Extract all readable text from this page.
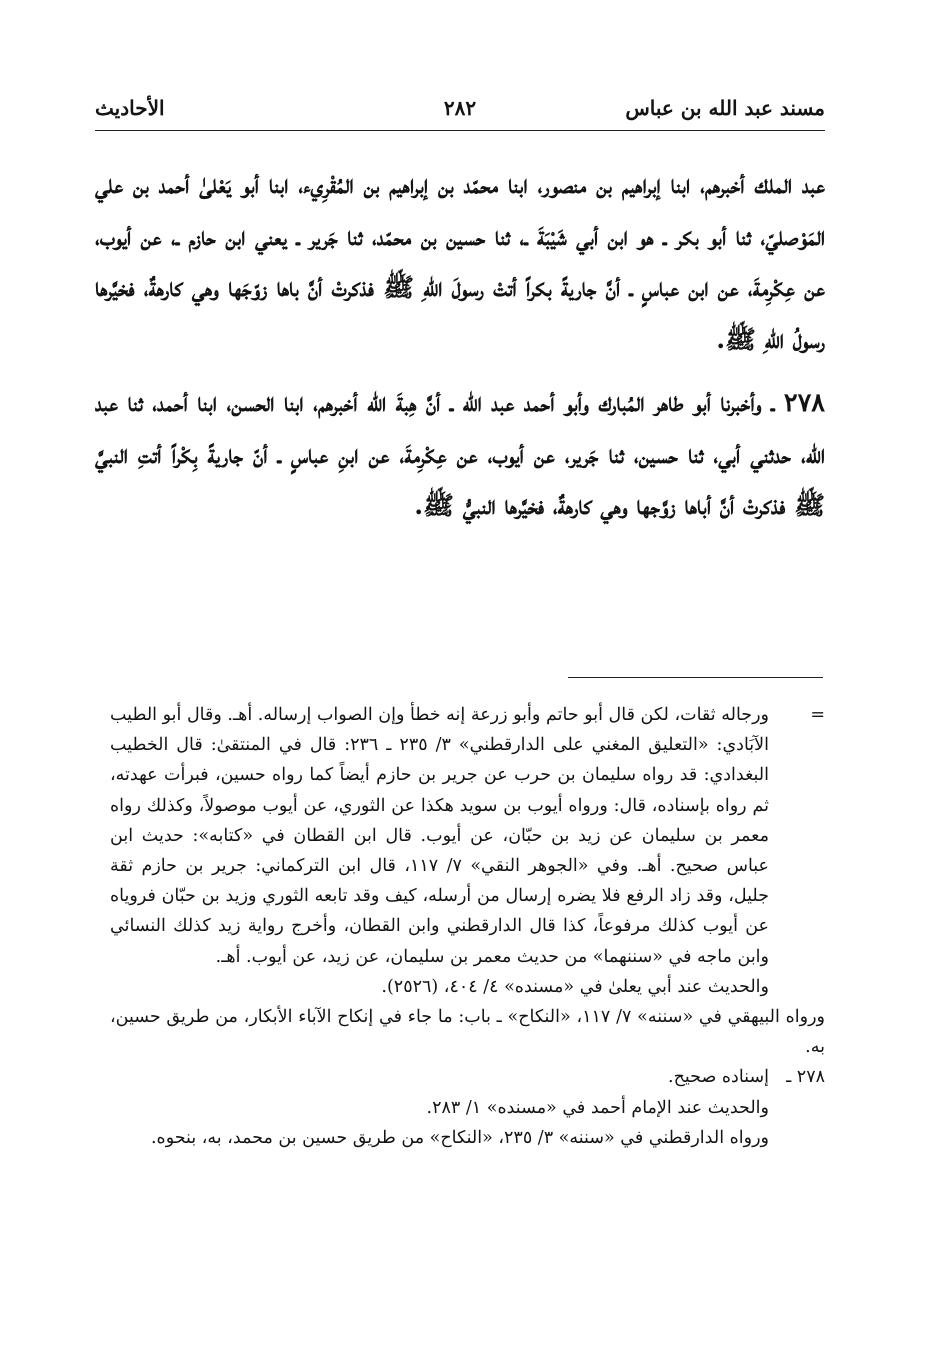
مسند عبد الله بن عباس
٢٨٢
الأحاديث

عبد الملك أخبرهم، ابنا إبراهيم بن منصور، ابنا محمّد بن إبراهيم بن المُقْرِيء، ابنا أبو يَعْلىٰ أحمد بن علي المَوْصليّ، ثنا أبو بكر ـ هو ابن أبي شَيْبَةَ ـ، ثنا حسين بن محمّد، ثنا جَرير ـ يعني ابن حازم ـ، عن أيوب، عن عِكْرِمةَ، عن ابن عباسٍ ـ أنَّ جاريةً بكراً أتتْ رسولَ اللّهِ ﷺ فذكرتْ أنَّ باها زوّجَها وهي كارهةٌ، فخيَّرها رسولُ اللّهِ ﷺ.

٢٧٨ ـ وأخبرنا أبو طاهر المُبارك وأبو أحمد عبد الله ـ أنَّ هِبةَ الله أخبرهم، ابنا الحسن، ابنا أحمد، ثنا عبد الله، حدثني أبي، ثنا حسين، ثنا جَرير، عن أيوب، عن عِكْرِمةَ، عن ابنِ عباسٍ ـ أنّ جاريةً بِكْراً أتتِ النبيَّ ﷺ فذكرتْ أنَّ أباها زوَّجها وهي كارهةٌ، فخيَّرها النبيُّ ﷺ.

=
ورجاله ثقات، لكن قال أبو حاتم وأبو زرعة إنه خطأ وإن الصواب إرساله. أهـ. وقال أبو الطيب الآبَادي: «التعليق المغني على الدارقطني» ٣/ ٢٣٥ ـ ٢٣٦: قال في المنتقىٰ: قال الخطيب البغدادي: قد رواه سليمان بن حرب عن جرير بن حازم أيضاً كما رواه حسين، فبرأت عهدته، ثم رواه بإسناده، قال: ورواه أيوب بن سويد هكذا عن الثوري، عن أيوب موصولاً، وكذلك رواه معمر بن سليمان عن زيد بن حبّان، عن أيوب. قال ابن القطان في «كتابه»: حديث ابن عباس صحيح. أهـ. وفي «الجوهر النقي» ٧/ ١١٧، قال ابن التركماني: جرير بن حازم ثقة جليل، وقد زاد الرفع فلا يضره إرسال من أرسله، كيف وقد تابعه الثوري وزيد بن حبّان فروياه عن أيوب كذلك مرفوعاً، كذا قال الدارقطني وابن القطان، وأخرج رواية زيد كذلك النسائي وابن ماجه في «سننهما» من حديث معمر بن سليمان، عن زيد، عن أيوب. أهـ.
والحديث عند أبي يعلىٰ في «مسنده» ٤/ ٤٠٤، (٢٥٢٦).
ورواه البيهقي في «سننه» ٧/ ١١٧، «النكاح» ـ باب: ما جاء في إنكاح الآباء الأبكار، من طريق حسين، به.
٢٧٨ ـ
إسناده صحيح.
والحديث عند الإمام أحمد في «مسنده» ١/ ٢٨٣.
ورواه الدارقطني في «سننه» ٣/ ٢٣٥، «النكاح» من طريق حسين بن محمد، به، بنحوه.
